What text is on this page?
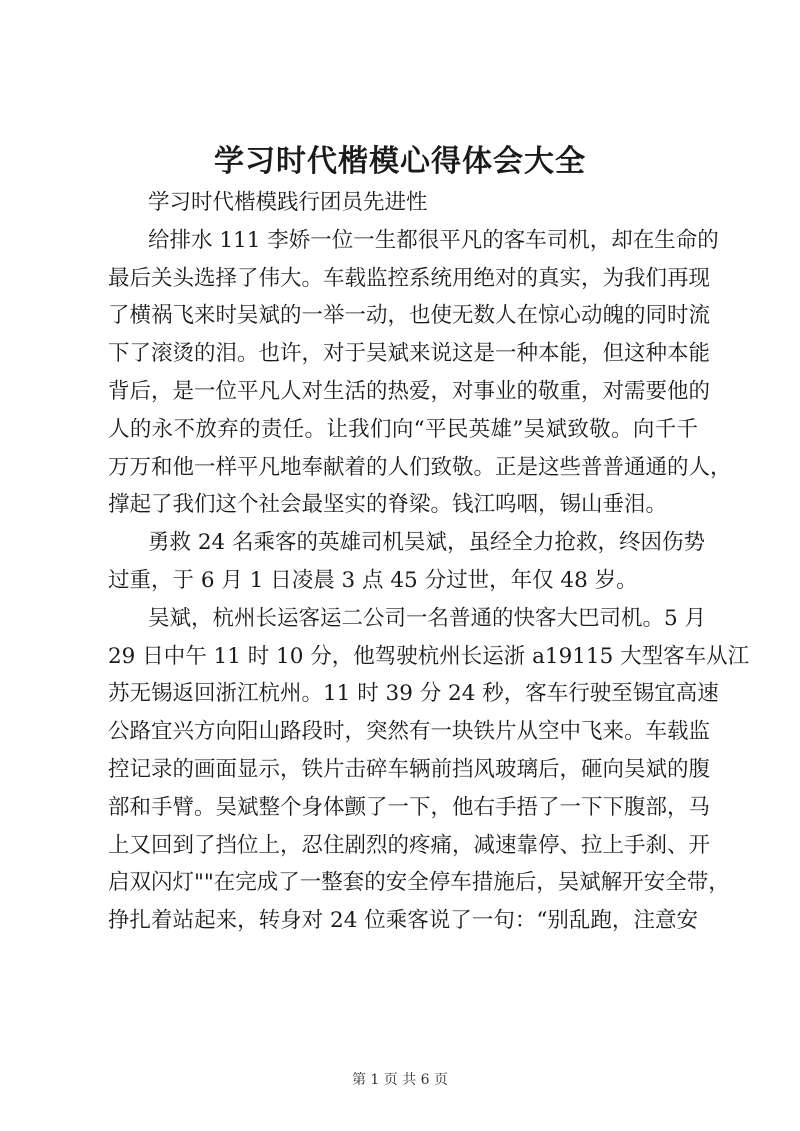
学习时代楷模心得体会大全
学习时代楷模践行团员先进性
给排水 111 李娇一位一生都很平凡的客车司机，却在生命的
最后关头选择了伟大。车载监控系统用绝对的真实，为我们再现
了横祸飞来时吴斌的一举一动，也使无数人在惊心动魄的同时流
下了滚烫的泪。也许，对于吴斌来说这是一种本能，但这种本能
背后，是一位平凡人对生活的热爱，对事业的敬重，对需要他的
人的永不放弃的责任。让我们向“平民英雄”吴斌致敬。向千千
万万和他一样平凡地奉献着的人们致敬。正是这些普普通通的人，
撑起了我们这个社会最坚实的脊梁。钱江呜咽，锡山垂泪。
勇救 24 名乘客的英雄司机吴斌，虽经全力抢救，终因伤势
过重，于 6 月 1 日凌晨 3 点 45 分过世，年仅 48 岁。
吴斌，杭州长运客运二公司一名普通的快客大巴司机。5 月
29 日中午 11 时 10 分，他驾驶杭州长运浙 a19115 大型客车从江
苏无锡返回浙江杭州。11 时 39 分 24 秒，客车行驶至锡宜高速
公路宜兴方向阳山路段时，突然有一块铁片从空中飞来。车载监
控记录的画面显示，铁片击碎车辆前挡风玻璃后，砸向吴斌的腹
部和手臂。吴斌整个身体颤了一下，他右手捂了一下下腹部，马
上又回到了挡位上，忍住剧烈的疼痛，减速靠停、拉上手刹、开
启双闪灯""在完成了一整套的安全停车措施后，吴斌解开安全带，
挣扎着站起来，转身对 24 位乘客说了一句：“别乱跑，注意安
第 1 页 共 6 页
